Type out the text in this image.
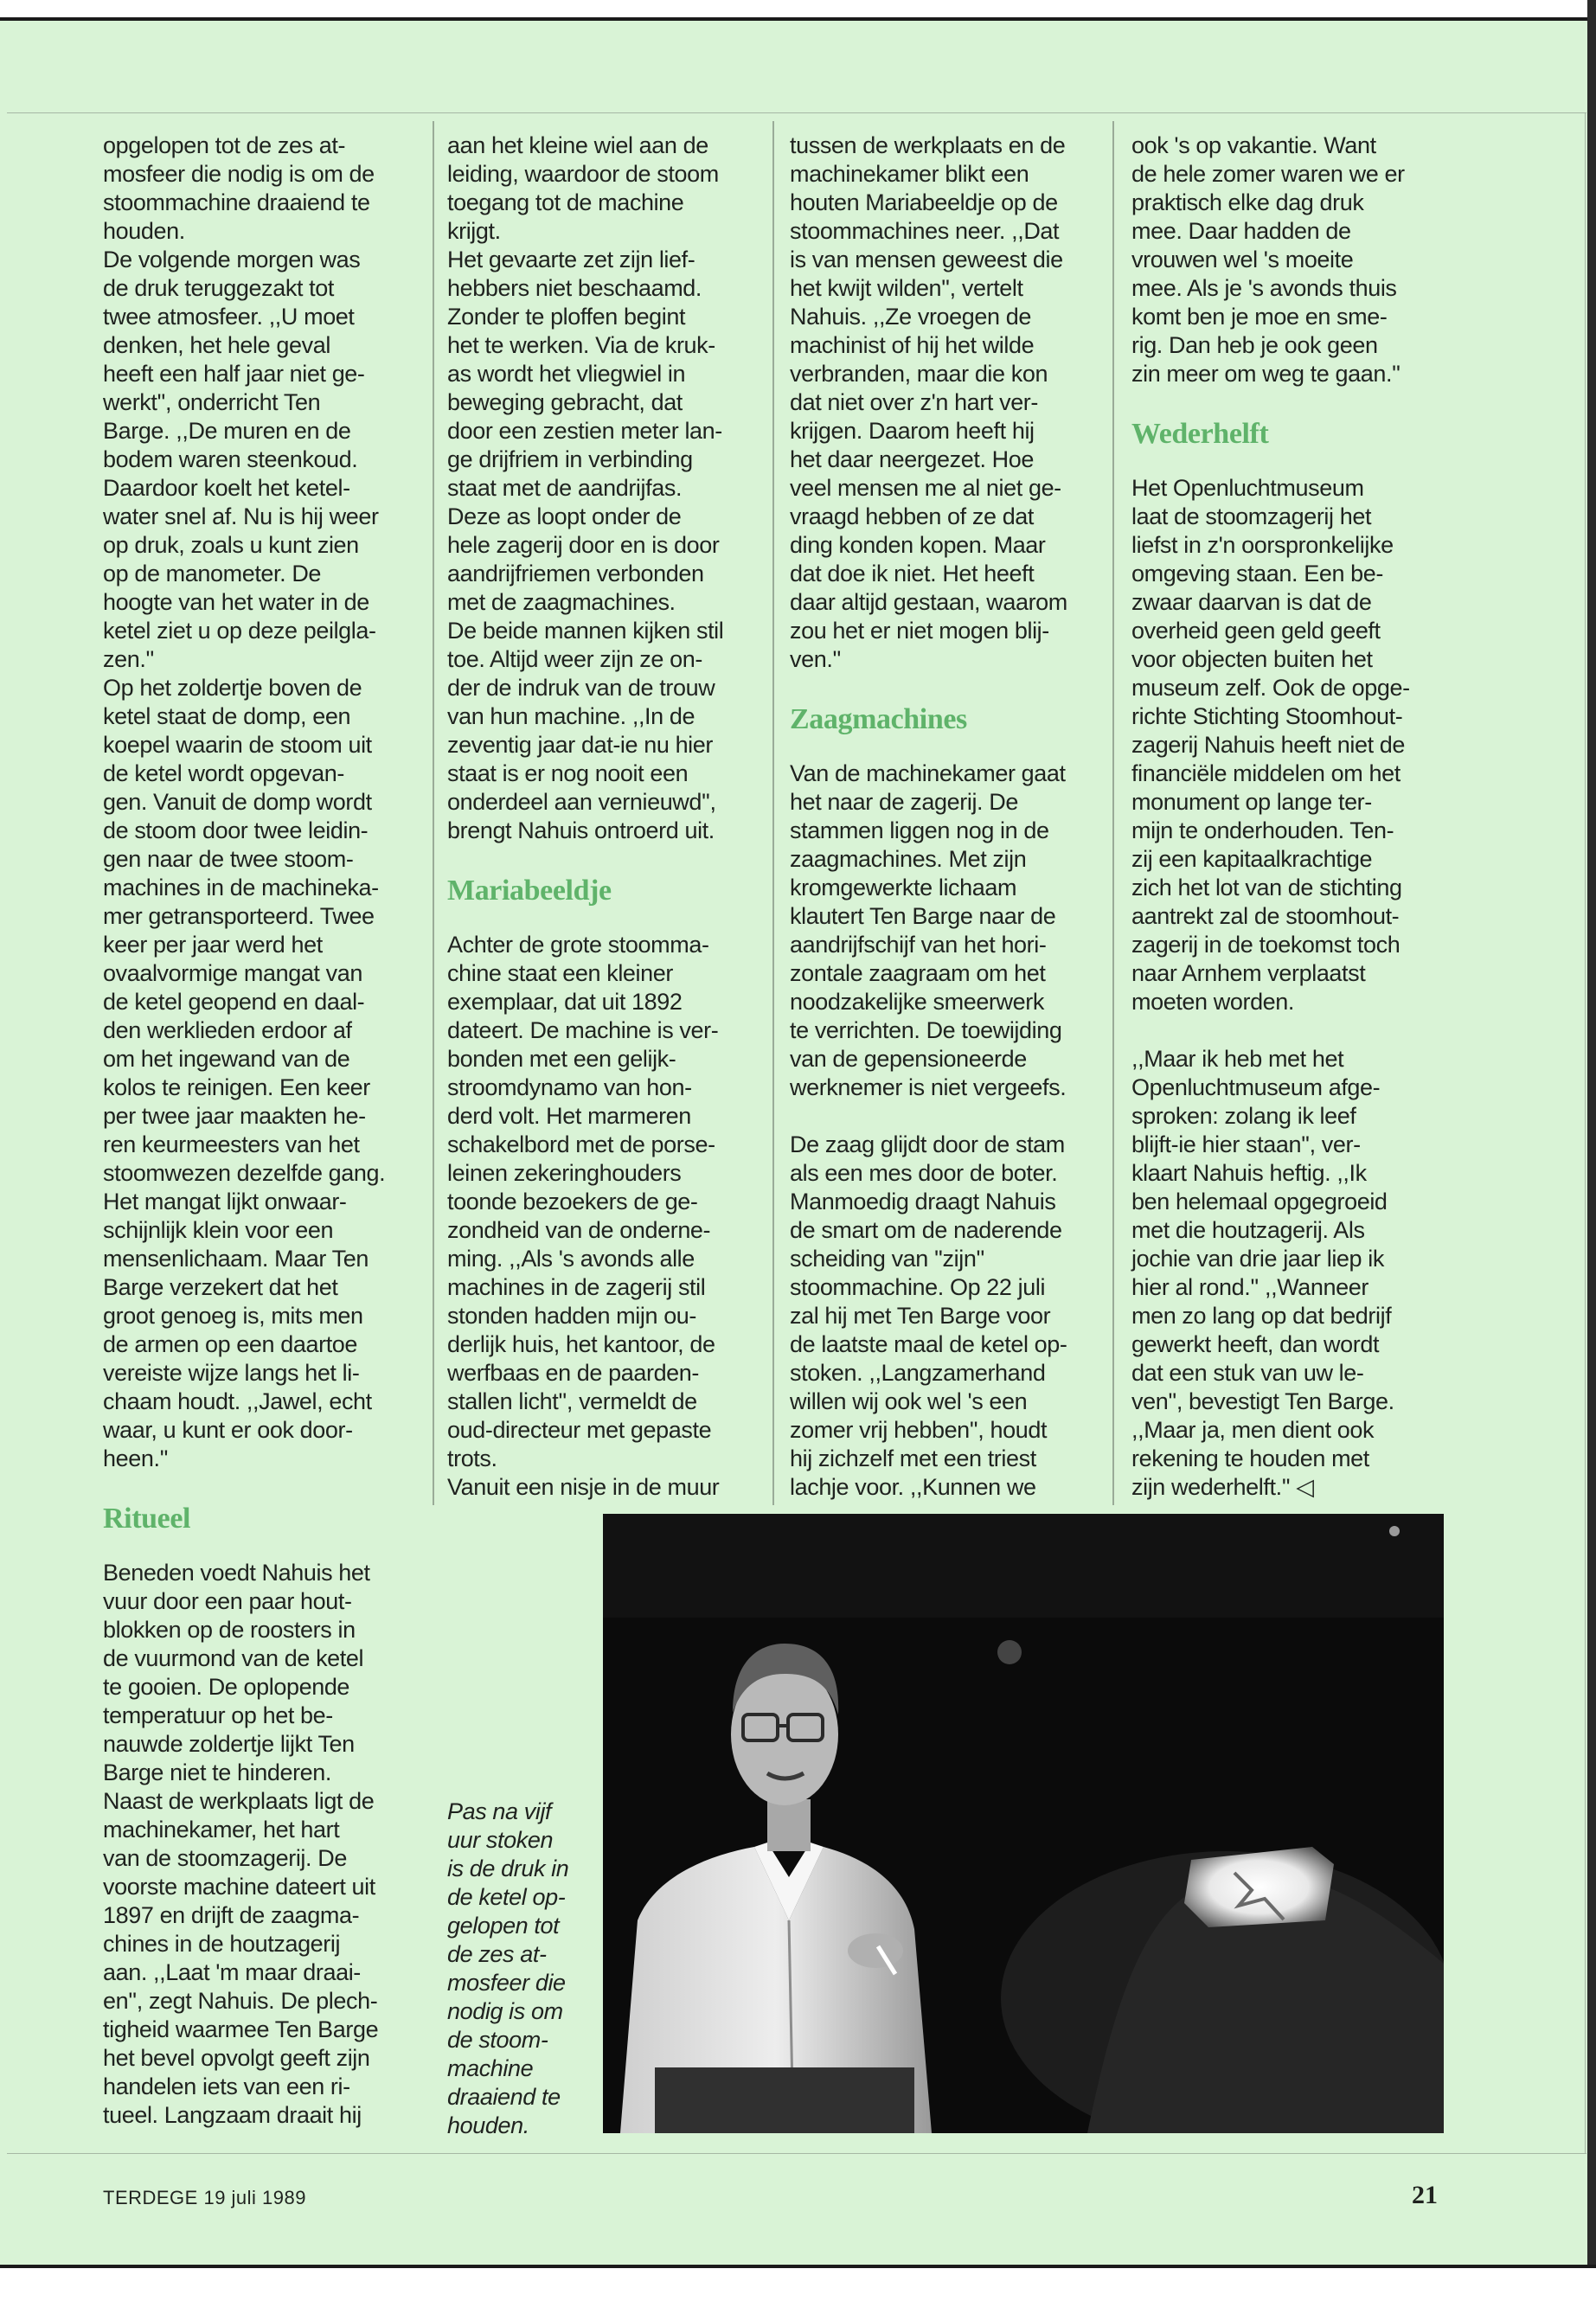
opgelopen tot de zes at-
mosfeer die nodig is om de
stoommachine draaiend te
houden.
De volgende morgen was
de druk teruggezakt tot
twee atmosfeer. ,,U moet
denken, het hele geval
heeft een half jaar niet ge-
werkt'', onderricht Ten
Barge. ,,De muren en de
bodem waren steenkoud.
Daardoor koelt het ketel-
water snel af. Nu is hij weer
op druk, zoals u kunt zien
op de manometer. De
hoogte van het water in de
ketel ziet u op deze peilgla-
zen.''
Op het zoldertje boven de
ketel staat de domp, een
koepel waarin de stoom uit
de ketel wordt opgevan-
gen. Vanuit de domp wordt
de stoom door twee leidin-
gen naar de twee stoom-
machines in de machineka-
mer getransporteerd. Twee
keer per jaar werd het
ovaalvormige mangat van
de ketel geopend en daal-
den werklieden erdoor af
om het ingewand van de
kolos te reinigen. Een keer
per twee jaar maakten he-
ren keurmeesters van het
stoomwezen dezelfde gang.
Het mangat lijkt onwaar-
schijnlijk klein voor een
mensenlichaam. Maar Ten
Barge verzekert dat het
groot genoeg is, mits men
de armen op een daartoe
vereiste wijze langs het li-
chaam houdt. ,,Jawel, echt
waar, u kunt er ook door-
heen.''

Ritueel

Beneden voedt Nahuis het
vuur door een paar hout-
blokken op de roosters in
de vuurmond van de ketel
te gooien. De oplopende
temperatuur op het be-
nauwde zoldertje lijkt Ten
Barge niet te hinderen.
Naast de werkplaats ligt de
machinekamer, het hart
van de stoomzagerij. De
voorste machine dateert uit
1897 en drijft de zaagma-
chines in de houtzagerij
aan. ,,Laat 'm maar draai-
en'', zegt Nahuis. De plech-
tigheid waarmee Ten Barge
het bevel opvolgt geeft zijn
handelen iets van een ri-
tueel. Langzaam draait hij

aan het kleine wiel aan de
leiding, waardoor de stoom
toegang tot de machine
krijgt.
Het gevaarte zet zijn lief-
hebbers niet beschaamd.
Zonder te ploffen begint
het te werken. Via de kruk-
as wordt het vliegwiel in
beweging gebracht, dat
door een zestien meter lan-
ge drijfriem in verbinding
staat met de aandrijfas.
Deze as loopt onder de
hele zagerij door en is door
aandrijfriemen verbonden
met de zaagmachines.
De beide mannen kijken stil
toe. Altijd weer zijn ze on-
der de indruk van de trouw
van hun machine. ,,In de
zeventig jaar dat-ie nu hier
staat is er nog nooit een
onderdeel aan vernieuwd'',
brengt Nahuis ontroerd uit.

Mariabeeldje

Achter de grote stoomma-
chine staat een kleiner
exemplaar, dat uit 1892
dateert. De machine is ver-
bonden met een gelijk-
stroomdynamo van hon-
derd volt. Het marmeren
schakelbord met de porse-
leinen zekeringhouders
toonde bezoekers de ge-
zondheid van de onderne-
ming. ,,Als 's avonds alle
machines in de zagerij stil
stonden hadden mijn ou-
derlijk huis, het kantoor, de
werfbaas en de paarden-
stallen licht'', vermeldt de
oud-directeur met gepaste
trots.
Vanuit een nisje in de muur

tussen de werkplaats en de
machinekamer blikt een
houten Mariabeeldje op de
stoommachines neer. ,,Dat
is van mensen geweest die
het kwijt wilden'', vertelt
Nahuis. ,,Ze vroegen de
machinist of hij het wilde
verbranden, maar die kon
dat niet over z'n hart ver-
krijgen. Daarom heeft hij
het daar neergezet. Hoe
veel mensen me al niet ge-
vraagd hebben of ze dat
ding konden kopen. Maar
dat doe ik niet. Het heeft
daar altijd gestaan, waarom
zou het er niet mogen blij-
ven.''

Zaagmachines

Van de machinekamer gaat
het naar de zagerij. De
stammen liggen nog in de
zaagmachines. Met zijn
kromgewerkte lichaam
klautert Ten Barge naar de
aandrijfschijf van het hori-
zontale zaagraam om het
noodzakelijke smeerwerk
te verrichten. De toewijding
van de gepensioneerde
werknemer is niet vergeefs.

De zaag glijdt door de stam
als een mes door de boter.
Manmoedig draagt Nahuis
de smart om de naderende
scheiding van ''zijn''
stoommachine. Op 22 juli
zal hij met Ten Barge voor
de laatste maal de ketel op-
stoken. ,,Langzamerhand
willen wij ook wel 's een
zomer vrij hebben'', houdt
hij zichzelf met een triest
lachje voor. ,,Kunnen we

ook 's op vakantie. Want
de hele zomer waren we er
praktisch elke dag druk
mee. Daar hadden de
vrouwen wel 's moeite
mee. Als je 's avonds thuis
komt ben je moe en sme-
rig. Dan heb je ook geen
zin meer om weg te gaan.''

Wederhelft

Het Openluchtmuseum
laat de stoomzagerij het
liefst in z'n oorspronkelijke
omgeving staan. Een be-
zwaar daarvan is dat de
overheid geen geld geeft
voor objecten buiten het
museum zelf. Ook de opge-
richte Stichting Stoomhout-
zagerij Nahuis heeft niet de
financiële middelen om het
monument op lange ter-
mijn te onderhouden. Ten-
zij een kapitaalkrachtige
zich het lot van de stichting
aantrekt zal de stoomhout-
zagerij in de toekomst toch
naar Arnhem verplaatst
moeten worden.

,,Maar ik heb met het
Openluchtmuseum afge-
sproken: zolang ik leef
blijft-ie hier staan'', ver-
klaart Nahuis heftig. ,,Ik
ben helemaal opgegroeid
met die houtzagerij. Als
jochie van drie jaar liep ik
hier al rond.'' ,,Wanneer
men zo lang op dat bedrijf
gewerkt heeft, dan wordt
dat een stuk van uw le-
ven'', bevestigt Ten Barge.
,,Maar ja, men dient ook
rekening te houden met
zijn wederhelft.'' ◁

Pas na vijf
uur stoken
is de druk in
de ketel op-
gelopen tot
de zes at-
mosfeer die
nodig is om
de stoom-
machine
draaiend te
houden.
TERDEGE 19 juli 1989	21
